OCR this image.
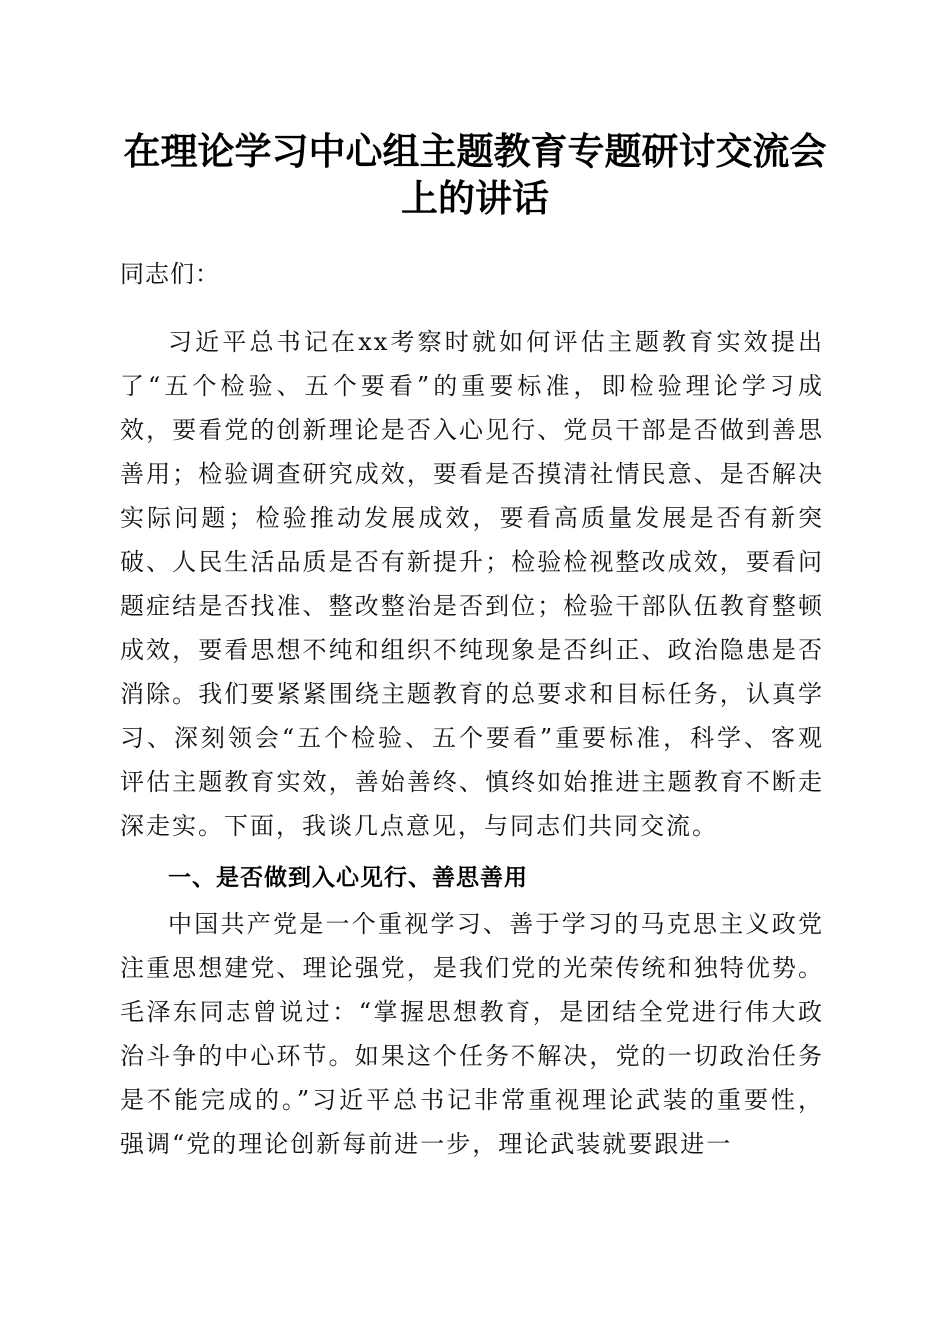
在理论学习中心组主题教育专题研讨交流会上的讲话

同志们：

习近平总书记在xx考察时就如何评估主题教育实效提出了“五个检验、五个要看”的重要标准，即检验理论学习成效，要看党的创新理论是否入心见行、党员干部是否做到善思善用；检验调查研究成效，要看是否摸清社情民意、是否解决实际问题；检验推动发展成效，要看高质量发展是否有新突破、人民生活品质是否有新提升；检验检视整改成效，要看问题症结是否找准、整改整治是否到位；检验干部队伍教育整顿成效，要看思想不纯和组织不纯现象是否纠正、政治隐患是否消除。我们要紧紧围绕主题教育的总要求和目标任务，认真学习、深刻领会“五个检验、五个要看”重要标准，科学、客观评估主题教育实效，善始善终、慎终如始推进主题教育不断走深走实。下面，我谈几点意见，与同志们共同交流。

一、是否做到入心见行、善思善用

中国共产党是一个重视学习、善于学习的马克思主义政党注重思想建党、理论强党，是我们党的光荣传统和独特优势。毛泽东同志曾说过：“掌握思想教育，是团结全党进行伟大政治斗争的中心环节。如果这个任务不解决，党的一切政治任务是不能完成的。”习近平总书记非常重视理论武装的重要性，强调“党的理论创新每前进一步，理论武装就要跟进一
